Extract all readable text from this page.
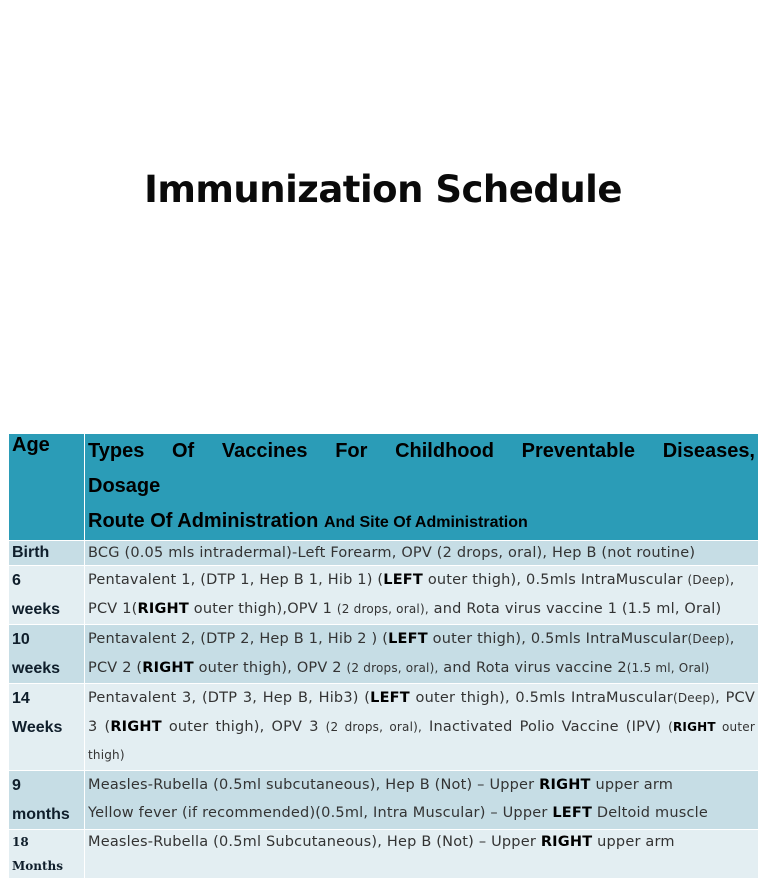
Immunization Schedule
Age	Types Of Vaccines For Childhood Preventable Diseases, Dosage
Route Of Administration And Site Of Administration

Birth	BCG (0.05 mls intradermal)-Left Forearm, OPV (2 drops, oral), Hep B (not routine)
6
weeks	Pentavalent 1, (DTP 1, Hep B 1, Hib 1) (LEFT outer thigh), 0.5mls IntraMuscular (Deep), PCV 1(RIGHT outer thigh),OPV 1 (2 drops, oral), and Rota virus vaccine 1 (1.5 ml, Oral)
10
weeks	Pentavalent 2, (DTP 2, Hep B 1, Hib 2 ) (LEFT outer thigh), 0.5mls IntraMuscular(Deep), PCV 2 (RIGHT outer thigh), OPV 2 (2 drops, oral), and Rota virus vaccine 2(1.5 ml, Oral)
14
Weeks	Pentavalent 3, (DTP 3, Hep B, Hib3) (LEFT outer thigh), 0.5mls IntraMuscular(Deep), PCV 3 (RIGHT outer thigh), OPV 3 (2 drops, oral), Inactivated Polio Vaccine (IPV) (RIGHT outer thigh)
9
months	Measles-Rubella (0.5ml subcutaneous), Hep B (Not) – Upper RIGHT upper arm
Yellow fever (if recommended)(0.5ml, Intra Muscular) – Upper LEFT Deltoid muscle
18 Months	Measles-Rubella (0.5ml Subcutaneous), Hep B (Not) – Upper RIGHT upper arm
